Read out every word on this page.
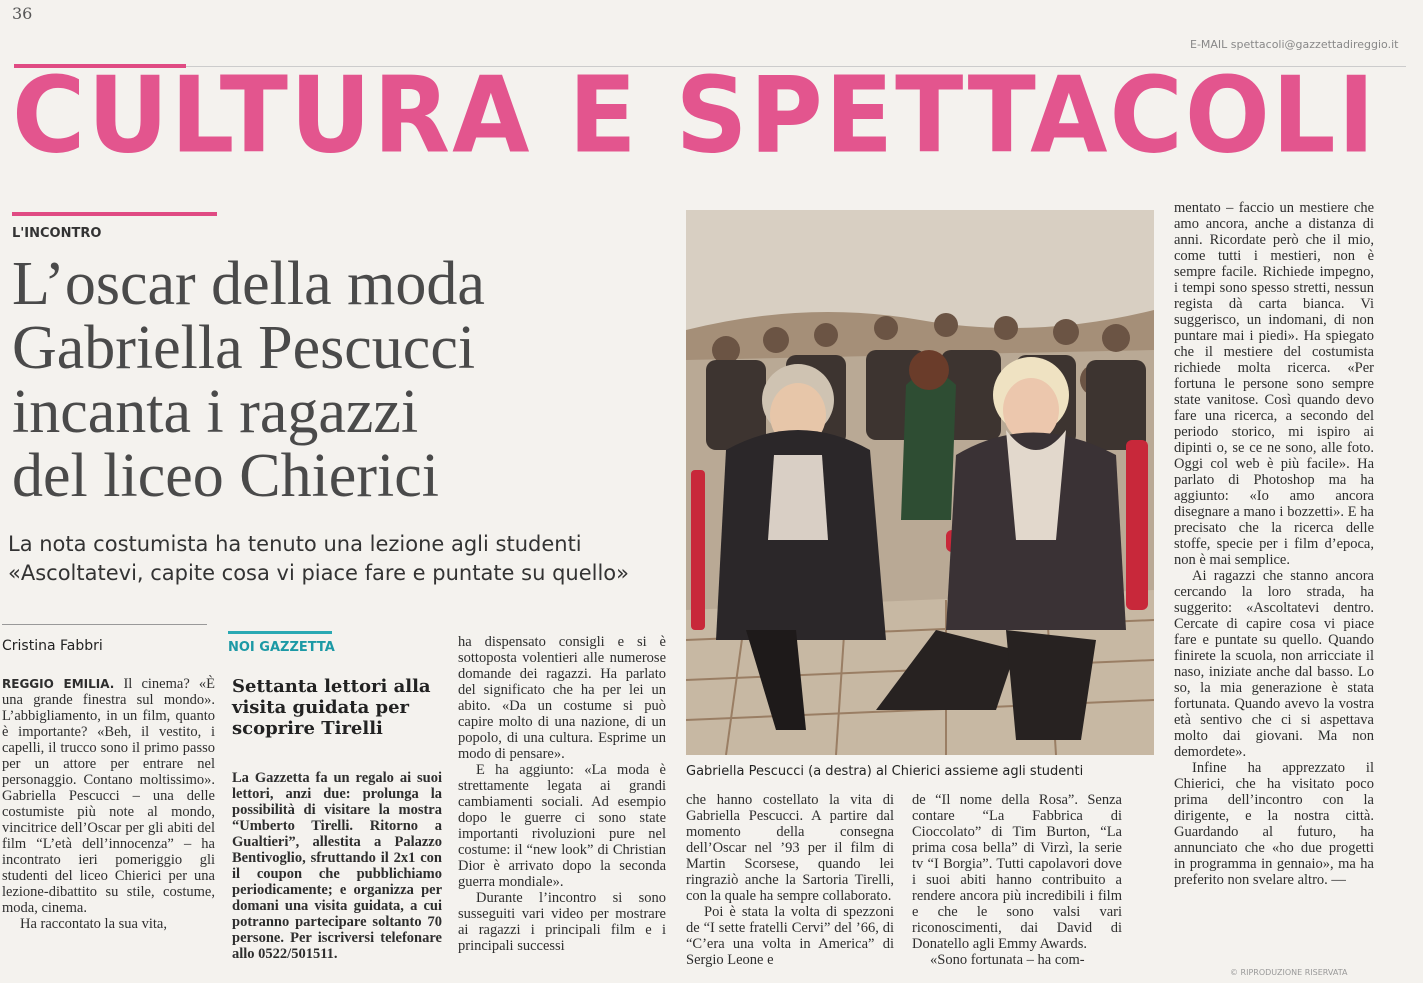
36
E-MAIL spettacoli@gazzettadireggio.it
CULTURA E SPETTACOLI
L'INCONTRO
L’oscar della moda
Gabriella Pescucci
incanta i ragazzi
del liceo Chierici
La nota costumista ha tenuto una lezione agli studenti
«Ascoltatevi, capite cosa vi piace fare e puntate su quello»
Cristina Fabbri

REGGIO EMILIA. Il cinema? «È una grande finestra sul mondo». L’abbigliamento, in un film, quanto è importante? «Beh, il vestito, i capelli, il trucco sono il primo passo per un attore per entrare nel personaggio. Contano moltissimo». Gabriella Pescucci – una delle costumiste più note al mondo, vincitrice dell’Oscar per gli abiti del film “L’età dell’innocenza” – ha incontrato ieri pomeriggio gli studenti del liceo Chierici per una lezione-dibattito su stile, costume, moda, cinema.

Ha raccontato la sua vita,

NOI GAZZETTA
Settanta lettori alla visita guidata per scoprire Tirelli

La Gazzetta fa un regalo ai suoi lettori, anzi due: prolunga la possibilità di visitare la mostra “Umberto Tirelli. Ritorno a Gualtieri”, allestita a Palazzo Bentivoglio, sfruttando il 2x1 con il coupon che pubblichiamo periodicamente; e organizza per domani una visita guidata, a cui potranno partecipare soltanto 70 persone. Per iscriversi telefonare allo 0522/501511.

ha dispensato consigli e si è sottoposta volentieri alle numerose domande dei ragazzi. Ha parlato del significato che ha per lei un abito. «Da un costume si può capire molto di una nazione, di un popolo, di una cultura. Esprime un modo di pensare».

E ha aggiunto: «La moda è strettamente legata ai grandi cambiamenti sociali. Ad esempio dopo le guerre ci sono state importanti rivoluzioni pure nel costume: il “new look” di Christian Dior è arrivato dopo la seconda guerra mondiale».

Durante l’incontro si sono susseguiti vari video per mostrare ai ragazzi i principali film e i principali successi

Gabriella Pescucci (a destra) al Chierici assieme agli studenti

che hanno costellato la vita di Gabriella Pescucci. A partire dal momento della consegna dell’Oscar nel ’93 per il film di Martin Scorsese, quando lei ringraziò anche la Sartoria Tirelli, con la quale ha sempre collaborato.

Poi è stata la volta di spezzoni de “I sette fratelli Cervi” del ’66, di “C’era una volta in America” di Sergio Leone e

de “Il nome della Rosa”. Senza contare “La Fabbrica di Cioccolato” di Tim Burton, “La prima cosa bella” di Virzì, la serie tv “I Borgia”. Tutti capolavori dove i suoi abiti hanno contribuito a rendere ancora più incredibili i film e che le sono valsi vari riconoscimenti, dai David di Donatello agli Emmy Awards.

«Sono fortunata – ha com-

mentato – faccio un mestiere che amo ancora, anche a distanza di anni. Ricordate però che il mio, come tutti i mestieri, non è sempre facile. Richiede impegno, i tempi sono spesso stretti, nessun regista dà carta bianca. Vi suggerisco, un indomani, di non puntare mai i piedi». Ha spiegato che il mestiere del costumista richiede molta ricerca. «Per fortuna le persone sono sempre state vanitose. Così quando devo fare una ricerca, a secondo del periodo storico, mi ispiro ai dipinti o, se ce ne sono, alle foto. Oggi col web è più facile». Ha parlato di Photoshop ma ha aggiunto: «Io amo ancora disegnare a mano i bozzetti». E ha precisato che la ricerca delle stoffe, specie per i film d’epoca, non è mai semplice.

Ai ragazzi che stanno ancora cercando la loro strada, ha suggerito: «Ascoltatevi dentro. Cercate di capire cosa vi piace fare e puntate su quello. Quando finirete la scuola, non arricciate il naso, iniziate anche dal basso. Lo so, la mia generazione è stata fortunata. Quando avevo la vostra età sentivo che ci si aspettava molto dai giovani. Ma non demordete».

Infine ha apprezzato il Chierici, che ha visitato poco prima dell’incontro con la dirigente, e la nostra città. Guardando al futuro, ha annunciato che «ho due progetti in programma in gennaio», ma ha preferito non svelare altro. —

© RIPRODUZIONE RISERVATA
